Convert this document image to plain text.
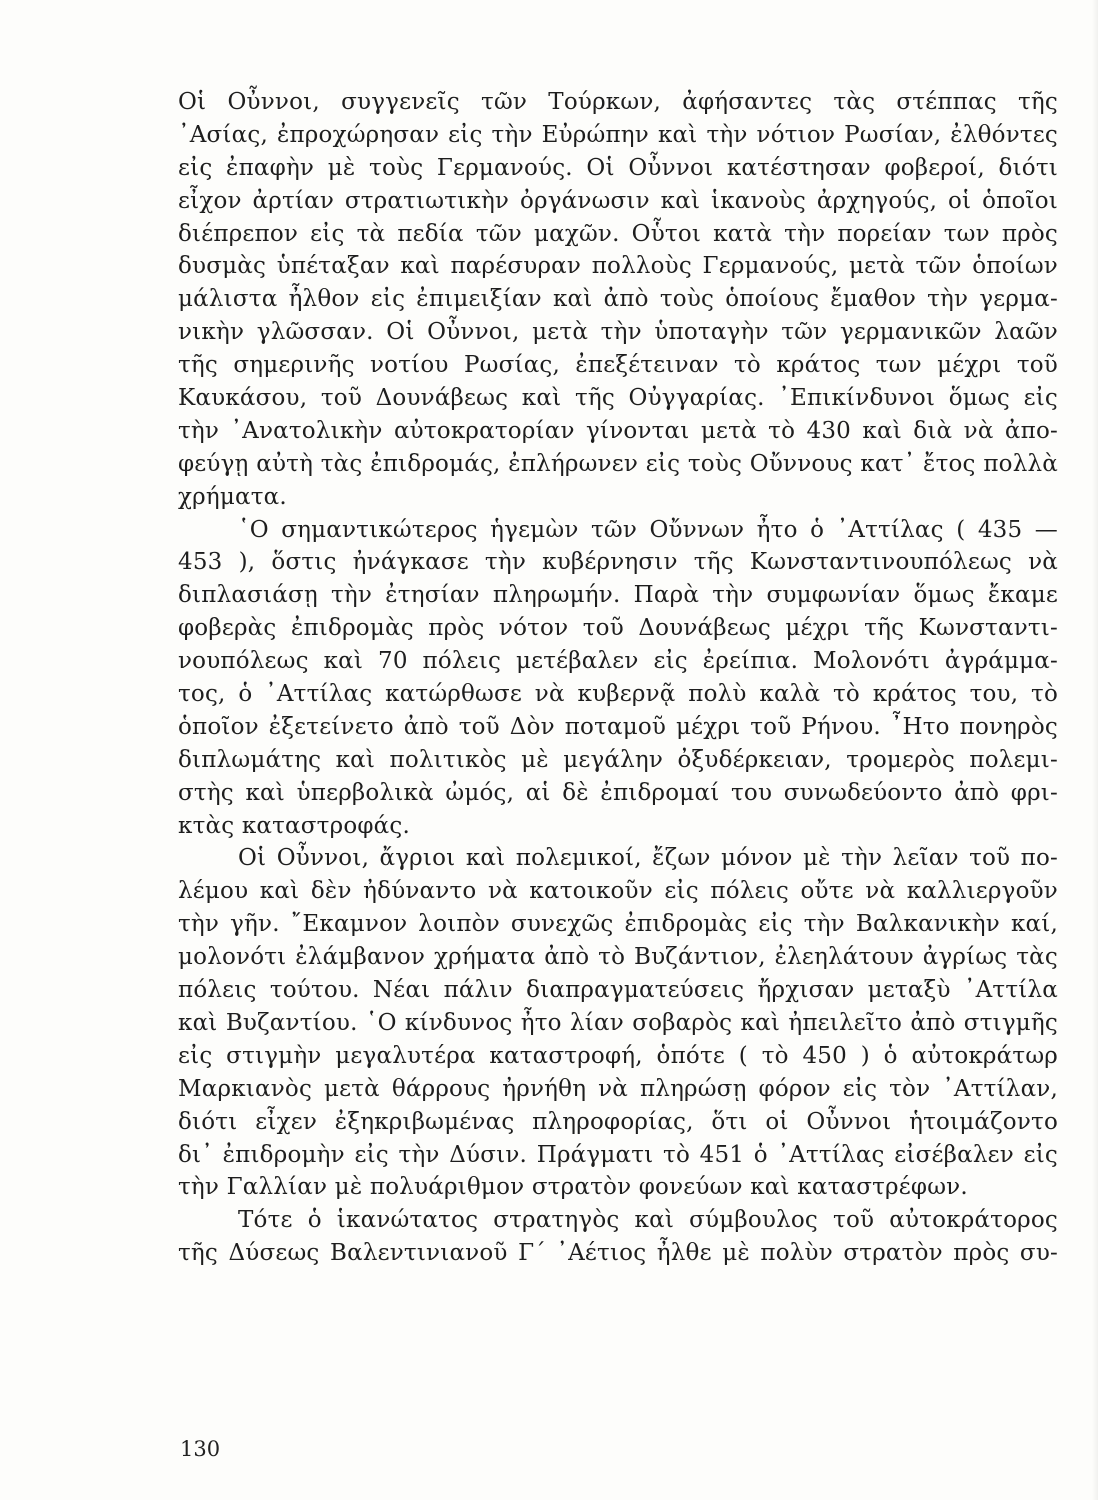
Οἱ Οὖννοι, συγγενεῖς τῶν Τούρκων, ἀφήσαντες τὰς στέππας τῆς
᾿Ασίας, ἐπροχώρησαν εἰς τὴν Εὐρώπην καὶ τὴν νότιον Ρωσίαν, ἐλθόντες
εἰς ἐπαφὴν μὲ τοὺς Γερμανούς. Οἱ Οὖννοι κατέστησαν φοβεροί, διότι
εἶχον ἀρτίαν στρατιωτικὴν ὀργάνωσιν καὶ ἱκανοὺς ἀρχηγούς, οἱ ὁποῖοι
διέπρεπον εἰς τὰ πεδία τῶν μαχῶν. Οὗτοι κατὰ τὴν πορείαν των πρὸς
δυσμὰς ὑπέταξαν καὶ παρέσυραν πολλοὺς Γερμανούς, μετὰ τῶν ὁποίων
μάλιστα ἦλθον εἰς ἐπιμειξίαν καὶ ἀπὸ τοὺς ὁποίους ἔμαθον τὴν γερμα-
νικὴν γλῶσσαν. Οἱ Οὖννοι, μετὰ τὴν ὑποταγὴν τῶν γερμανικῶν λαῶν
τῆς σημερινῆς νοτίου Ρωσίας, ἐπεξέτειναν τὸ κράτος των μέχρι τοῦ
Καυκάσου, τοῦ Δουνάβεως καὶ τῆς Οὐγγαρίας. ᾿Επικίνδυνοι ὅμως εἰς
τὴν ᾿Ανατολικὴν αὐτοκρατορίαν γίνονται μετὰ τὸ 430 καὶ διὰ νὰ ἀπο-
φεύγῃ αὐτὴ τὰς ἐπιδρομάς, ἐπλήρωνεν εἰς τοὺς Οὔννους κατ᾿ ἔτος πολλὰ
χρήματα.
῾Ο σημαντικώτερος ἡγεμὼν τῶν Οὔννων ἦτο ὁ ᾿Αττίλας ( 435 —
453 ), ὅστις ἠνάγκασε τὴν κυβέρνησιν τῆς Κωνσταντινουπόλεως νὰ
διπλασιάσῃ τὴν ἐτησίαν πληρωμήν. Παρὰ τὴν συμφωνίαν ὅμως ἔκαμε
φοβερὰς ἐπιδρομὰς πρὸς νότον τοῦ Δουνάβεως μέχρι τῆς Κωνσταντι-
νουπόλεως καὶ 70 πόλεις μετέβαλεν εἰς ἐρείπια. Μολονότι ἀγράμμα-
τος, ὁ ᾿Αττίλας κατώρθωσε νὰ κυβερνᾷ πολὺ καλὰ τὸ κράτος του, τὸ
ὁποῖον ἐξετείνετο ἀπὸ τοῦ Δὸν ποταμοῦ μέχρι τοῦ Ρήνου. ῏Ητο πονηρὸς
διπλωμάτης καὶ πολιτικὸς μὲ μεγάλην ὀξυδέρκειαν, τρομερὸς πολεμι-
στὴς καὶ ὑπερβολικὰ ὠμός, αἱ δὲ ἐπιδρομαί του συνωδεύοντο ἀπὸ φρι-
κτὰς καταστροφάς.
Οἱ Οὖννοι, ἄγριοι καὶ πολεμικοί, ἔζων μόνον μὲ τὴν λεῖαν τοῦ πο-
λέμου καὶ δὲν ἠδύναντο νὰ κατοικοῦν εἰς πόλεις οὔτε νὰ καλλιεργοῦν
τὴν γῆν. ῎Εκαμνον λοιπὸν συνεχῶς ἐπιδρομὰς εἰς τὴν Βαλκανικὴν καί,
μολονότι ἐλάμβανον χρήματα ἀπὸ τὸ Βυζάντιον, ἐλεηλάτουν ἀγρίως τὰς
πόλεις τούτου. Νέαι πάλιν διαπραγματεύσεις ἤρχισαν μεταξὺ ᾿Αττίλα
καὶ Βυζαντίου. ῾Ο κίνδυνος ἦτο λίαν σοβαρὸς καὶ ἠπειλεῖτο ἀπὸ στιγμῆς
εἰς στιγμὴν μεγαλυτέρα καταστροφή, ὁπότε ( τὸ 450 ) ὁ αὐτοκράτωρ
Μαρκιανὸς μετὰ θάρρους ἠρνήθη νὰ πληρώσῃ φόρον εἰς τὸν ᾿Αττίλαν,
διότι εἶχεν ἐξηκριβωμένας πληροφορίας, ὅτι οἱ Οὖννοι ἡτοιμάζοντο
δι᾿ ἐπιδρομὴν εἰς τὴν Δύσιν. Πράγματι τὸ 451 ὁ ᾿Αττίλας εἰσέβαλεν εἰς
τὴν Γαλλίαν μὲ πολυάριθμον στρατὸν φονεύων καὶ καταστρέφων.
Τότε ὁ ἱκανώτατος στρατηγὸς καὶ σύμβουλος τοῦ αὐτοκράτορος
τῆς Δύσεως Βαλεντινιανοῦ Γ΄ ᾿Αέτιος ἦλθε μὲ πολὺν στρατὸν πρὸς συ-
130
